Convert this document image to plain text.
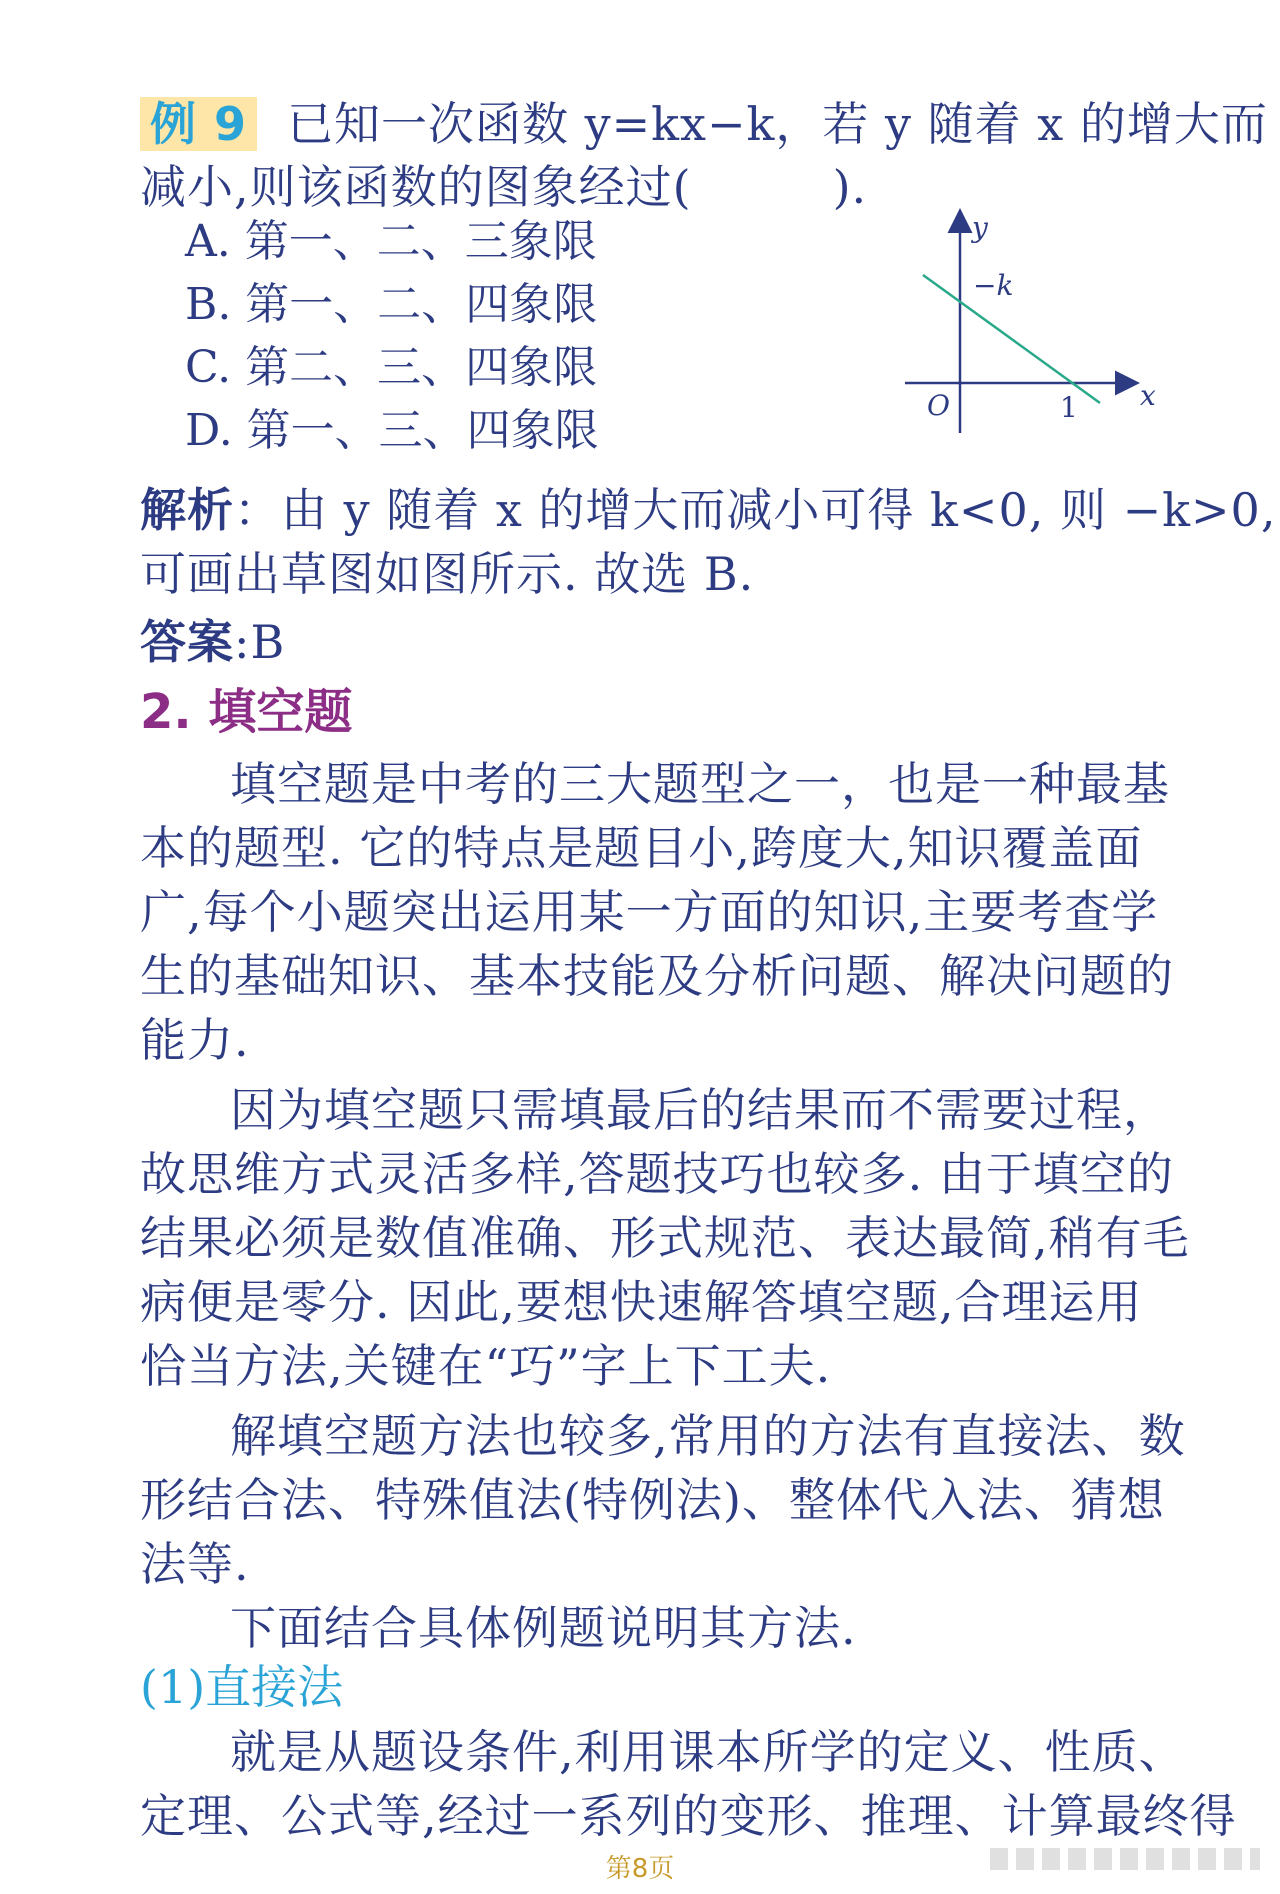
例 9 已知一次函数 y=kx−k，若 y 随着 x 的增大而
减小,则该函数的图象经过(　　　).
A. 第一、二、三象限
B. 第一、二、四象限
C. 第二、三、四象限
D. 第一、三、四象限
y
x
O
−k
1
解析：由 y 随着 x 的增大而减小可得 k<0, 则 −k>0,
可画出草图如图所示. 故选 B.
答案:B
2. 填空题
填空题是中考的三大题型之一，也是一种最基
本的题型. 它的特点是题目小,跨度大,知识覆盖面
广,每个小题突出运用某一方面的知识,主要考查学
生的基础知识、基本技能及分析问题、解决问题的
能力.
因为填空题只需填最后的结果而不需要过程，
故思维方式灵活多样,答题技巧也较多. 由于填空的
结果必须是数值准确、形式规范、表达最简,稍有毛
病便是零分. 因此,要想快速解答填空题,合理运用
恰当方法,关键在“巧”字上下工夫.
解填空题方法也较多,常用的方法有直接法、数
形结合法、特殊值法(特例法)、整体代入法、猜想
法等.
下面结合具体例题说明其方法.
(1)直接法
就是从题设条件,利用课本所学的定义、性质、
定理、公式等,经过一系列的变形、推理、计算最终得
第8页
